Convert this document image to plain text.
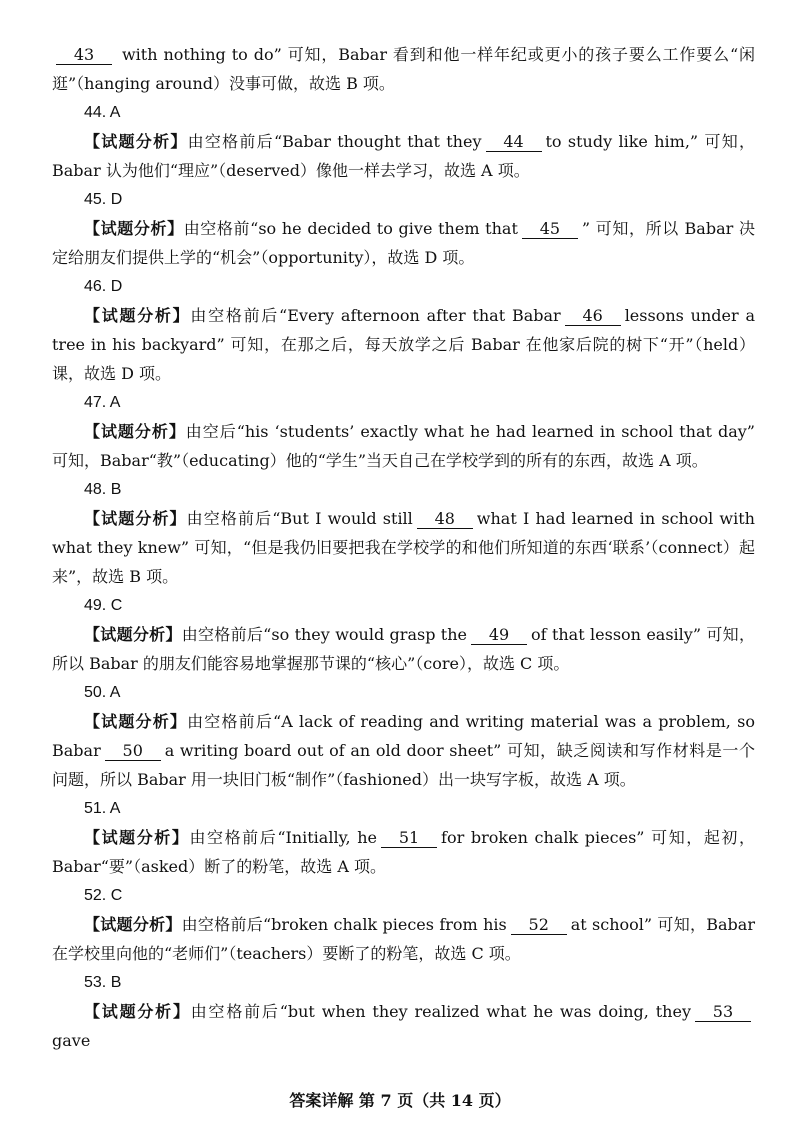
43 with nothing to do” 可知，Babar 看到和他一样年纪或更小的孩子要么工作要么“闲逛”（hanging around）没事可做，故选 B 项。

44. A

【试题分析】由空格前后“Babar thought that they 44 to study like him,” 可知，Babar 认为他们“理应”（deserved）像他一样去学习，故选 A 项。

45. D

【试题分析】由空格前“so he decided to give them that 45 ” 可知，所以 Babar 决定给朋友们提供上学的“机会”（opportunity），故选 D 项。

46. D

【试题分析】由空格前后“Every afternoon after that Babar 46 lessons under a tree in his backyard” 可知，在那之后，每天放学之后 Babar 在他家后院的树下“开”（held）课，故选 D 项。

47. A

【试题分析】由空后“his ‘students’ exactly what he had learned in school that day” 可知，Babar“教”（educating）他的“学生”当天自己在学校学到的所有的东西，故选 A 项。

48. B

【试题分析】由空格前后“But I would still 48 what I had learned in school with what they knew” 可知，“但是我仍旧要把我在学校学的和他们所知道的东西‘联系’（connect）起来”，故选 B 项。

49. C

【试题分析】由空格前后“so they would grasp the 49 of that lesson easily” 可知，所以 Babar 的朋友们能容易地掌握那节课的“核心”（core），故选 C 项。

50. A

【试题分析】由空格前后“A lack of reading and writing material was a problem, so Babar 50 a writing board out of an old door sheet” 可知，缺乏阅读和写作材料是一个问题，所以 Babar 用一块旧门板“制作”（fashioned）出一块写字板，故选 A 项。

51. A

【试题分析】由空格前后“Initially, he 51 for broken chalk pieces” 可知，起初，Babar“要”（asked）断了的粉笔，故选 A 项。

52. C

【试题分析】由空格前后“broken chalk pieces from his 52 at school” 可知，Babar 在学校里向他的“老师们”（teachers）要断了的粉笔，故选 C 项。

53. B

【试题分析】由空格前后“but when they realized what he was doing, they 53gave

答案详解 第 7 页（共 14 页）
